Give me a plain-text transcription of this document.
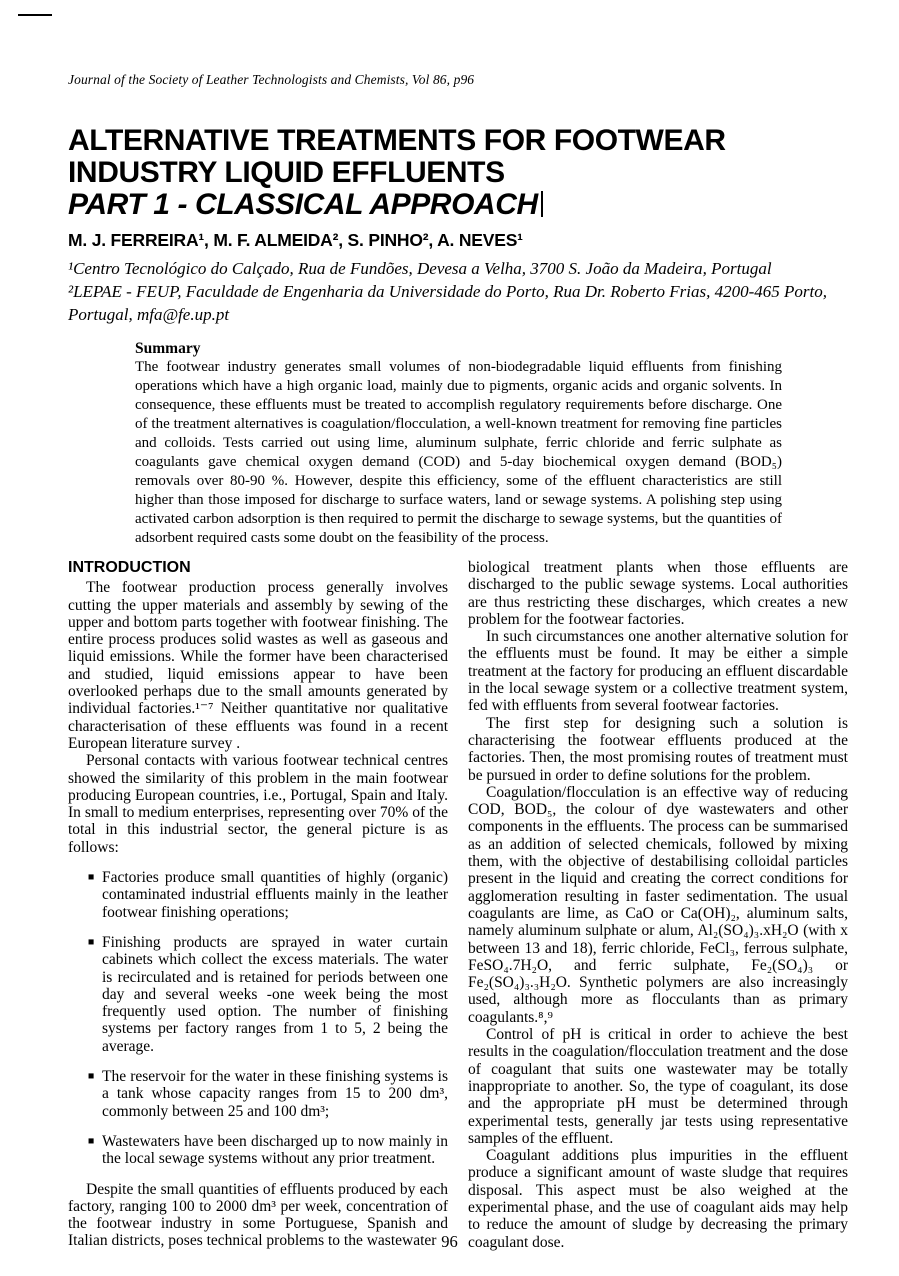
Journal of the Society of Leather Technologists and Chemists, Vol 86, p96
ALTERNATIVE TREATMENTS FOR FOOTWEAR
INDUSTRY LIQUID EFFLUENTS
PART 1 - CLASSICAL APPROACH
M. J. FERREIRA¹, M. F. ALMEIDA², S. PINHO², A. NEVES¹
¹Centro Tecnológico do Calçado, Rua de Fundões, Devesa a Velha, 3700 S. João da Madeira, Portugal
²LEPAE - FEUP, Faculdade de Engenharia da Universidade do Porto, Rua Dr. Roberto Frias, 4200-465 Porto, Portugal, mfa@fe.up.pt
Summary
The footwear industry generates small volumes of non-biodegradable liquid effluents from finishing operations which have a high organic load, mainly due to pigments, organic acids and organic solvents. In consequence, these effluents must be treated to accomplish regulatory requirements before discharge. One of the treatment alternatives is coagulation/flocculation, a well-known treatment for removing fine particles and colloids. Tests carried out using lime, aluminum sulphate, ferric chloride and ferric sulphate as coagulants gave chemical oxygen demand (COD) and 5-day biochemical oxygen demand (BOD₅) removals over 80-90 %. However, despite this efficiency, some of the effluent characteristics are still higher than those imposed for discharge to surface waters, land or sewage systems. A polishing step using activated carbon adsorption is then required to permit the discharge to sewage systems, but the quantities of adsorbent required casts some doubt on the feasibility of the process.
INTRODUCTION

The footwear production process generally involves cutting the upper materials and assembly by sewing of the upper and bottom parts together with footwear finishing. The entire process produces solid wastes as well as gaseous and liquid emissions. While the former have been characterised and studied, liquid emissions appear to have been overlooked perhaps due to the small amounts generated by individual factories.¹⁻⁷ Neither quantitative nor qualitative characterisation of these effluents was found in a recent European literature survey .

Personal contacts with various footwear technical centres showed the similarity of this problem in the main footwear producing European countries, i.e., Portugal, Spain and Italy. In small to medium enterprises, representing over 70% of the total in this industrial sector, the general picture is as follows:

■ Factories produce small quantities of highly (organic) contaminated industrial effluents mainly in the leather footwear finishing operations;
■ Finishing products are sprayed in water curtain cabinets which collect the excess materials. The water is recirculated and is retained for periods between one day and several weeks -one week being the most frequently used option. The number of finishing systems per factory ranges from 1 to 5, 2 being the average.
■ The reservoir for the water in these finishing systems is a tank whose capacity ranges from 15 to 200 dm³, commonly between 25 and 100 dm³;
■ Wastewaters have been discharged up to now mainly in the local sewage systems without any prior treatment.

Despite the small quantities of effluents produced by each factory, ranging 100 to 2000 dm³ per week, concentration of the footwear industry in some Portuguese, Spanish and Italian districts, poses technical problems to the wastewater

biological treatment plants when those effluents are discharged to the public sewage systems. Local authorities are thus restricting these discharges, which creates a new problem for the footwear factories.

In such circumstances one another alternative solution for the effluents must be found. It may be either a simple treatment at the factory for producing an effluent discardable in the local sewage system or a collective treatment system, fed with effluents from several footwear factories.

The first step for designing such a solution is characterising the footwear effluents produced at the factories. Then, the most promising routes of treatment must be pursued in order to define solutions for the problem.

Coagulation/flocculation is an effective way of reducing COD, BOD₅, the colour of dye wastewaters and other components in the effluents. The process can be summarised as an addition of selected chemicals, followed by mixing them, with the objective of destabilising colloidal particles present in the liquid and creating the correct conditions for agglomeration resulting in faster sedimentation. The usual coagulants are lime, as CaO or Ca(OH)₂, aluminum salts, namely aluminum sulphate or alum, Al₂(SO₄)₃.xH₂O (with x between 13 and 18), ferric chloride, FeCl₃, ferrous sulphate, FeSO₄.7H₂O, and ferric sulphate, Fe₂(SO₄)₃ or Fe₂(SO₄)₃.₃H₂O. Synthetic polymers are also increasingly used, although more as flocculants than as primary coagulants.⁸,⁹

Control of pH is critical in order to achieve the best results in the coagulation/flocculation treatment and the dose of coagulant that suits one wastewater may be totally inappropriate to another. So, the type of coagulant, its dose and the appropriate pH must be determined through experimental tests, generally jar tests using representative samples of the effluent.

Coagulant additions plus impurities in the effluent produce a significant amount of waste sludge that requires disposal. This aspect must be also weighed at the experimental phase, and the use of coagulant aids may help to reduce the amount of sludge by decreasing the primary coagulant dose.

96
